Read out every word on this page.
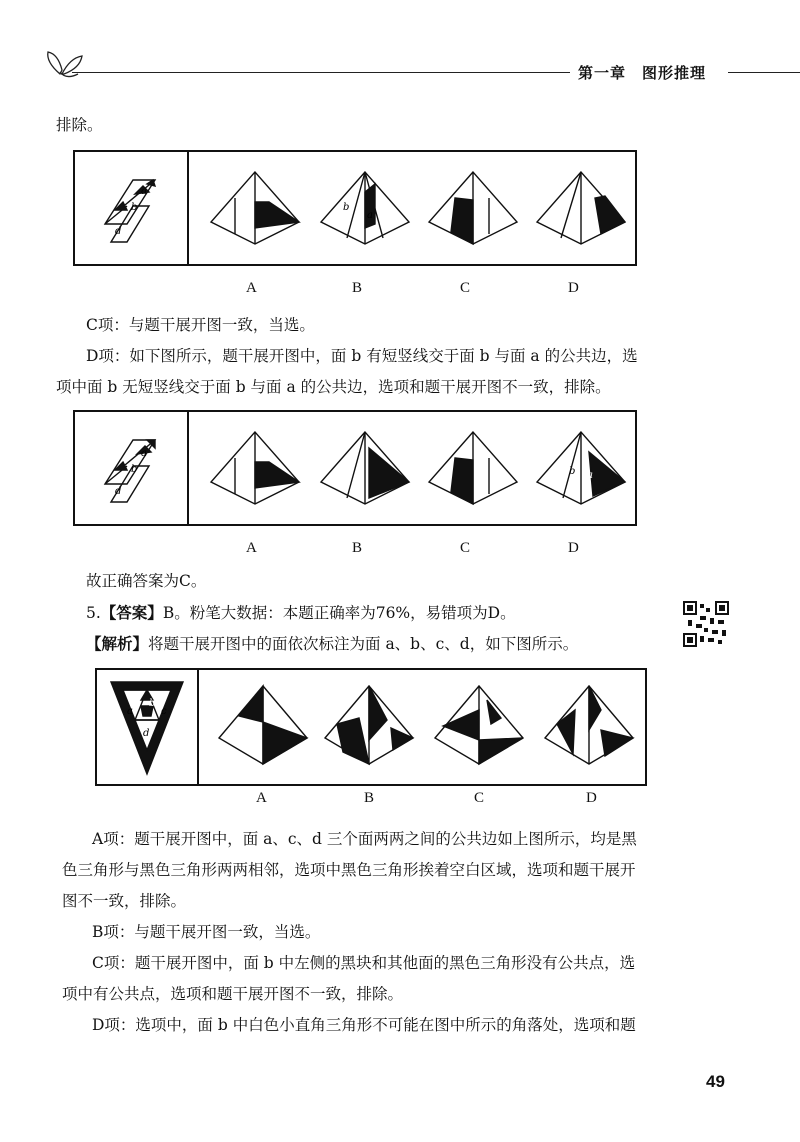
第一章　图形推理
排除。
a
b
d
b
a
A	B	C	D
C项：与题干展开图一致，当选。
D项：如下图所示，题干展开图中，面 b 有短竖线交于面 b 与面 a 的公共边，选
项中面 b 无短竖线交于面 b 与面 a 的公共边，选项和题干展开图不一致，排除。
a
b
d
b a
A	B	C	D
故正确答案为C。
5.【答案】B。粉笔大数据：本题正确率为76%，易错项为D。
【解析】将题干展开图中的面依次标注为面 a、b、c、d，如下图所示。
a
b
c
d
A	B	C	D
A项：题干展开图中，面 a、c、d 三个面两两之间的公共边如上图所示，均是黑
色三角形与黑色三角形两两相邻，选项中黑色三角形挨着空白区域，选项和题干展开
图不一致，排除。
B项：与题干展开图一致，当选。
C项：题干展开图中，面 b 中左侧的黑块和其他面的黑色三角形没有公共点，选
项中有公共点，选项和题干展开图不一致，排除。
D项：选项中，面 b 中白色小直角三角形不可能在图中所示的角落处，选项和题
49
